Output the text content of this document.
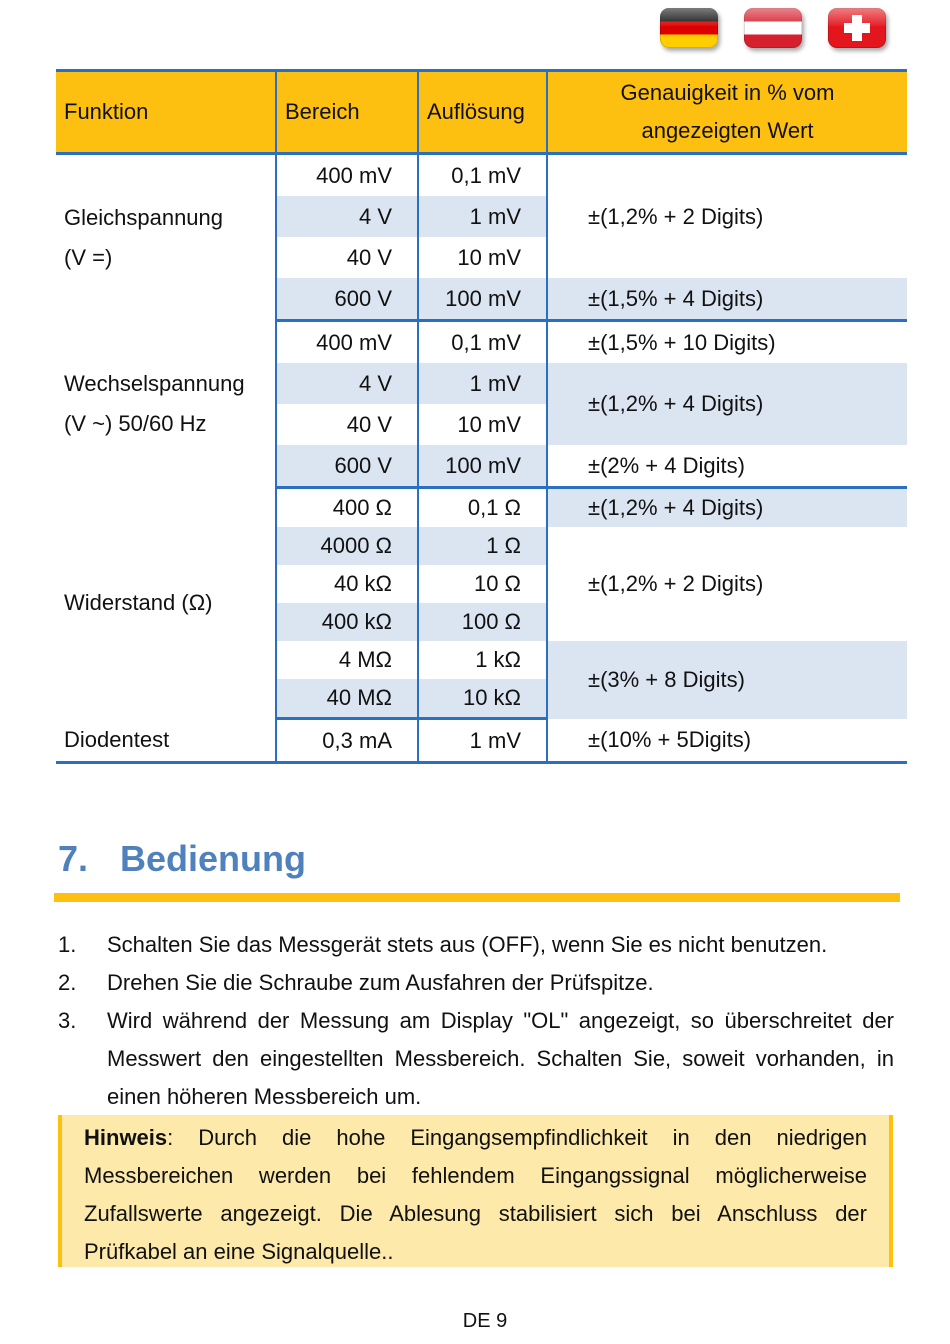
Funktion	Bereich	Auflösung	Genauigkeit in % vom
angezeigten Wert
Gleichspannung
(V =)	400 mV	0,1 mV	±(1,2% + 2 Digits)
	4 V	1 mV	
	40 V	10 mV	
	600 V	100 mV	±(1,5% + 4 Digits)
Wechselspannung
(V ~) 50/60 Hz	400 mV	0,1 mV	±(1,5% + 10 Digits)
	4 V	1 mV	±(1,2% + 4 Digits)
	40 V	10 mV	
	600 V	100 mV	±(2% + 4 Digits)
Widerstand (Ω)	400 Ω	0,1 Ω	±(1,2% + 4 Digits)
	4000 Ω	1 Ω	±(1,2% + 2 Digits)
	40 kΩ	10 Ω	
	400 kΩ	100 Ω	
	4 MΩ	1 kΩ	±(3% + 8 Digits)
	40 MΩ	10 kΩ	
Diodentest	0,3 mA	1 mV	±(10% + 5Digits)
7. Bedienung
1.	Schalten Sie das Messgerät stets aus (OFF), wenn Sie es nicht benutzen.
2.	Drehen Sie die Schraube zum Ausfahren der Prüfspitze.
3.	Wird während der Messung am Display "OL" angezeigt, so überschreitet der Messwert den eingestellten Messbereich. Schalten Sie, soweit vorhanden, in einen höheren Messbereich um.
Hinweis: Durch die hohe Eingangsempfindlichkeit in den niedrigen Messbereichen werden bei fehlendem Eingangssignal möglicherweise Zufallswerte angezeigt. Die Ablesung stabilisiert sich bei Anschluss der Prüfkabel an eine Signalquelle..
DE 9
